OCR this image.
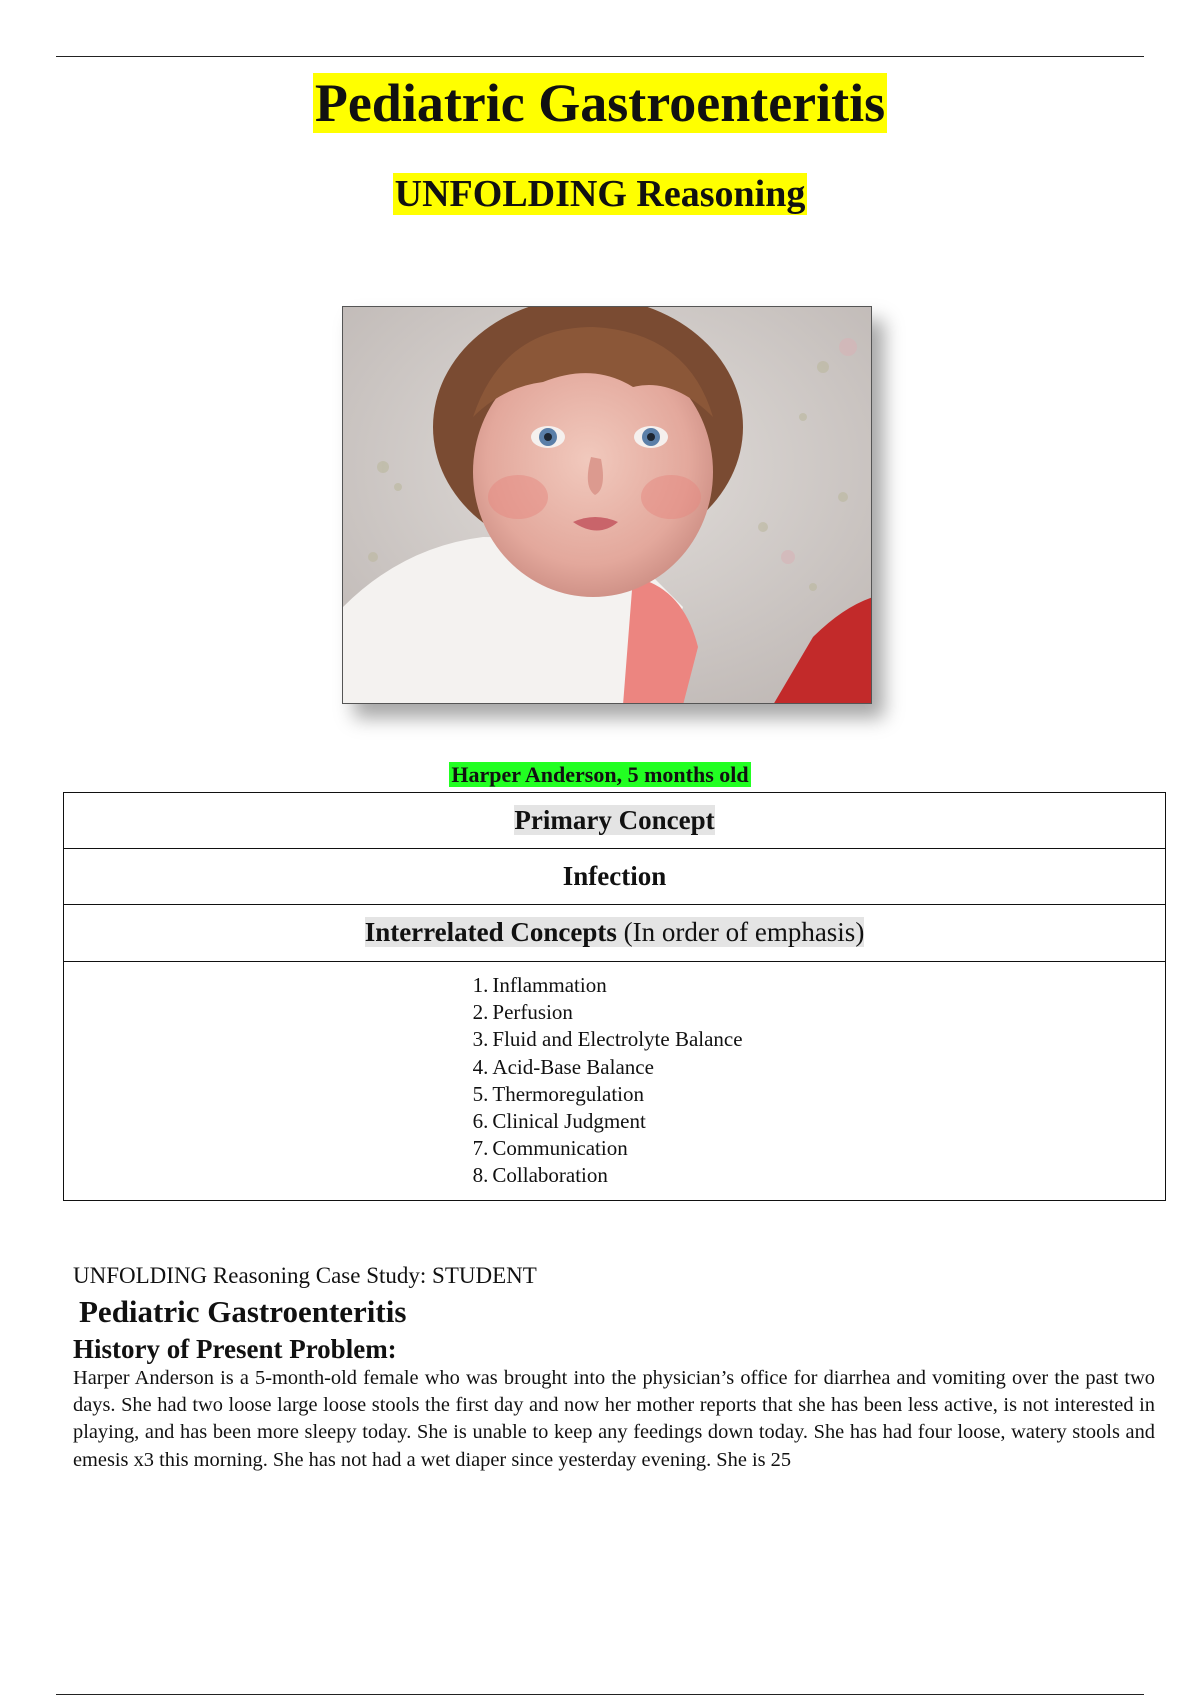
Pediatric Gastroenteritis
UNFOLDING Reasoning
Harper Anderson, 5 months old
Primary Concept
Infection
Interrelated Concepts (In order of emphasis)
1. Inflammation
2. Perfusion
3. Fluid and Electrolyte Balance
4. Acid-Base Balance
5. Thermoregulation
6. Clinical Judgment
7. Communication
8. Collaboration
UNFOLDING Reasoning Case Study: STUDENT
Pediatric Gastroenteritis
History of Present Problem:
Harper Anderson is a 5-month-old female who was brought into the physician’s office for diarrhea and vomiting over the past two days. She had two loose large loose stools the first day and now her mother reports that she has been less active, is not interested in playing, and has been more sleepy today. She is unable to keep any feedings down today. She has had four loose, watery stools and emesis x3 this morning. She has not had a wet diaper since yesterday evening. She is 25
